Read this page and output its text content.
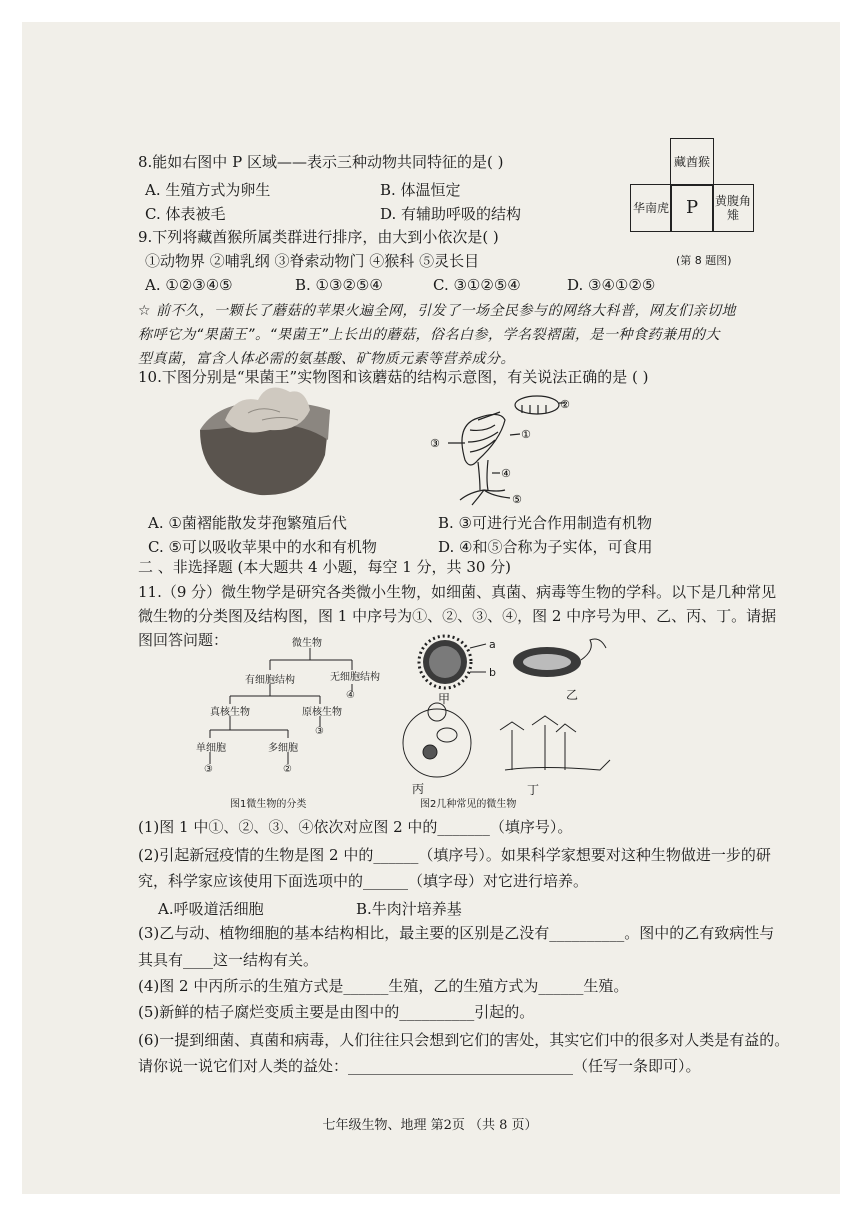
8.能如右图中 P 区域——表示三种动物共同特征的是( )
A. 生殖方式为卵生	B. 体温恒定
C. 体表被毛	D. 有辅助呼吸的结构
藏酋猴
华南虎 P	黄腹角雉
(第 8 题图)
9.下列将藏酋猴所属类群进行排序，由大到小依次是( )
①动物界 ②哺乳纲 ③脊索动物门 ④猴科 ⑤灵长目
A. ①②③④⑤	B. ①③②⑤④	C. ③①②⑤④	D. ③④①②⑤
☆ 前不久，一颗长了蘑菇的苹果火遍全网，引发了一场全民参与的网络大科普，网友们亲切地
称呼它为“果菌王”。“果菌王”上长出的蘑菇，俗名白参，学名裂褶菌，是一种食药兼用的大
型真菌，富含人体必需的氨基酸、矿物质元素等营养成分。
10.下图分别是“果菌王”实物图和该蘑菇的结构示意图，有关说法正确的是 ( )
②
①
③
④
⑤
A. ①菌褶能散发芽孢繁殖后代	B. ③可进行光合作用制造有机物
C. ⑤可以吸收苹果中的水和有机物	D. ④和⑤合称为子实体，可食用
二 、非选择题 (本大题共 4 小题，每空 1 分，共 30 分)
11.（9 分）微生物学是研究各类微小生物，如细菌、真菌、病毒等生物的学科。以下是几种常见
微生物的分类图及结构图，图 1 中序号为①、②、③、④，图 2 中序号为甲、乙、丙、丁。请据
图回答问题：	微生物
有细胞结构	无细胞结构
④
真核生物	原核生物
③
单细胞	多细胞
③	②
图1微生物的分类
a
b
甲	乙
丙	丁
图2几种常见的微生物
(1)图 1 中①、②、③、④依次对应图 2 中的_______（填序号）。
(2)引起新冠疫情的生物是图 2 中的______（填序号）。如果科学家想要对这种生物做进一步的研
究，科学家应该使用下面选项中的______（填字母）对它进行培养。
A.呼吸道活细胞	B.牛肉汁培养基
(3)乙与动、植物细胞的基本结构相比，最主要的区别是乙没有__________。图中的乙有致病性与
其具有____这一结构有关。
(4)图 2 中丙所示的生殖方式是______生殖，乙的生殖方式为______生殖。
(5)新鲜的桔子腐烂变质主要是由图中的__________引起的。
(6)一提到细菌、真菌和病毒，人们往往只会想到它们的害处，其实它们中的很多对人类是有益的。
请你说一说它们对人类的益处：______________________________（任写一条即可）。
七年级生物、地理 第2页 （共 8 页）
